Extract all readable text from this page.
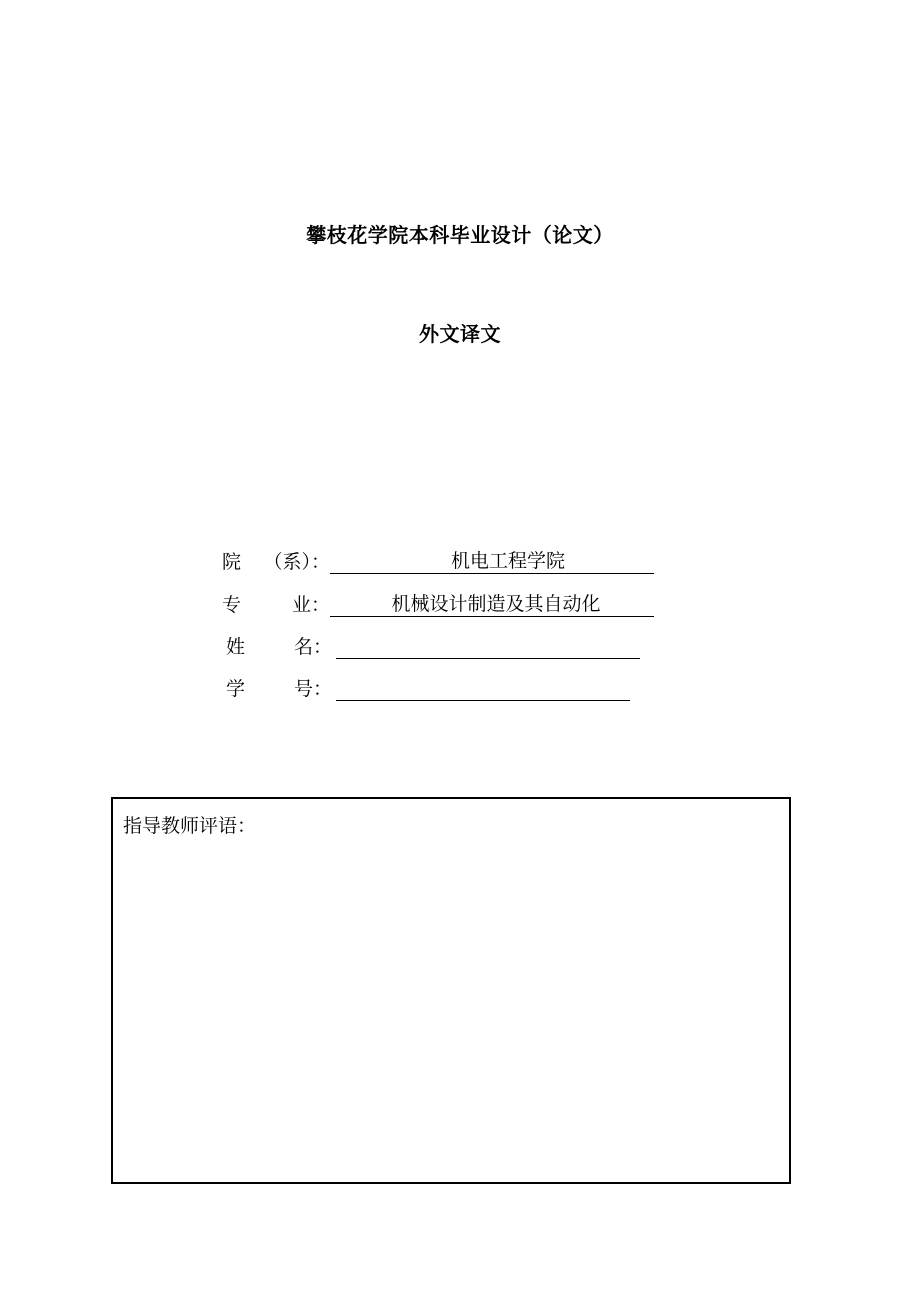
攀枝花学院本科毕业设计（论文）
外文译文
院 （系）：	机电工程学院
专	业：	机械设计制造及其自动化
姓	名：
学	号：
指导教师评语：
